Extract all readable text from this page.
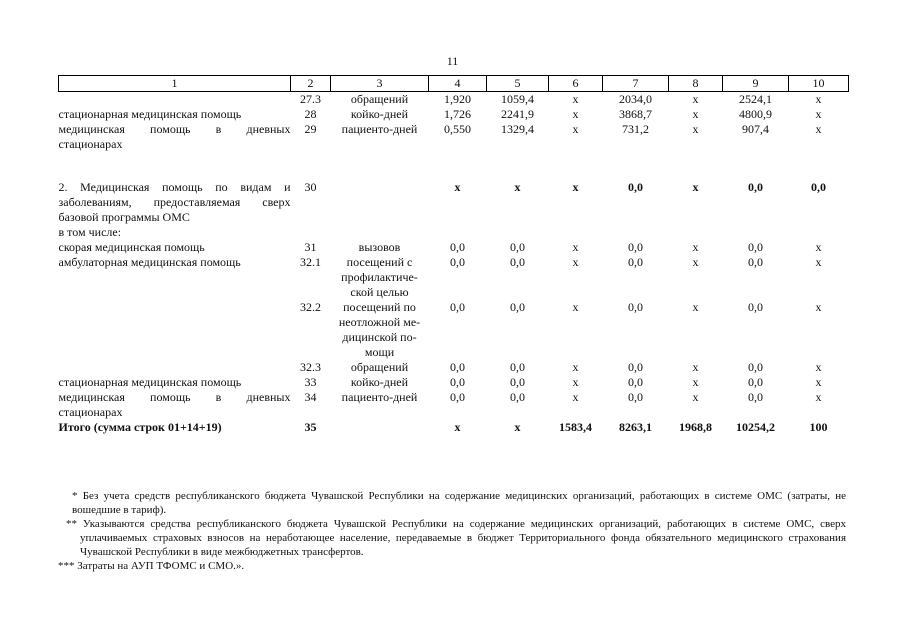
11
1	2	3	4	5	6	7	8	9	10
	27.3	обращений	1,920	1059,4	x	2034,0	x	2524,1	x
стационарная медицинская помощь	28	койко-дней	1,726	2241,9	x	3868,7	x	4800,9	x
медицинская помощь в дневных стационарах	29	пациенто-дней	0,550	1329,4	x	731,2	x	907,4	x

2. Медицинская помощь по видам и заболеваниям, предоставляемая сверх базовой программы ОМС	30		x	x	x	0,0	x	0,0	0,0
в том числе:									
скорая медицинская помощь	31	вызовов	0,0	0,0	x	0,0	x	0,0	x
амбулаторная медицинская помощь	32.1	посещений с профилактиче-ской целью	0,0	0,0	x	0,0	x	0,0	x
	32.2	посещений по неотложной ме-дицинской по-мощи	0,0	0,0	x	0,0	x	0,0	x
	32.3	обращений	0,0	0,0	x	0,0	x	0,0	x
стационарная медицинская помощь	33	койко-дней	0,0	0,0	x	0,0	x	0,0	x
медицинская помощь в дневных стационарах	34	пациенто-дней	0,0	0,0	x	0,0	x	0,0	x
Итого (сумма строк 01+14+19)	35		x	x	1583,4	8263,1	1968,8	10254,2	100

* Без учета средств республиканского бюджета Чувашской Республики на содержание медицинских организаций, работающих в системе ОМС (затраты, не вошедшие в тариф).

** Указываются средства республиканского бюджета Чувашской Республики на содержание медицинских организаций, работающих в системе ОМС, сверх уплачиваемых страховых взносов на неработающее население, передаваемые в бюджет Территориального фонда обязательного медицинского страхования Чувашской Республики в виде межбюджетных трансфертов.

*** Затраты на АУП ТФОМС и СМО.».
